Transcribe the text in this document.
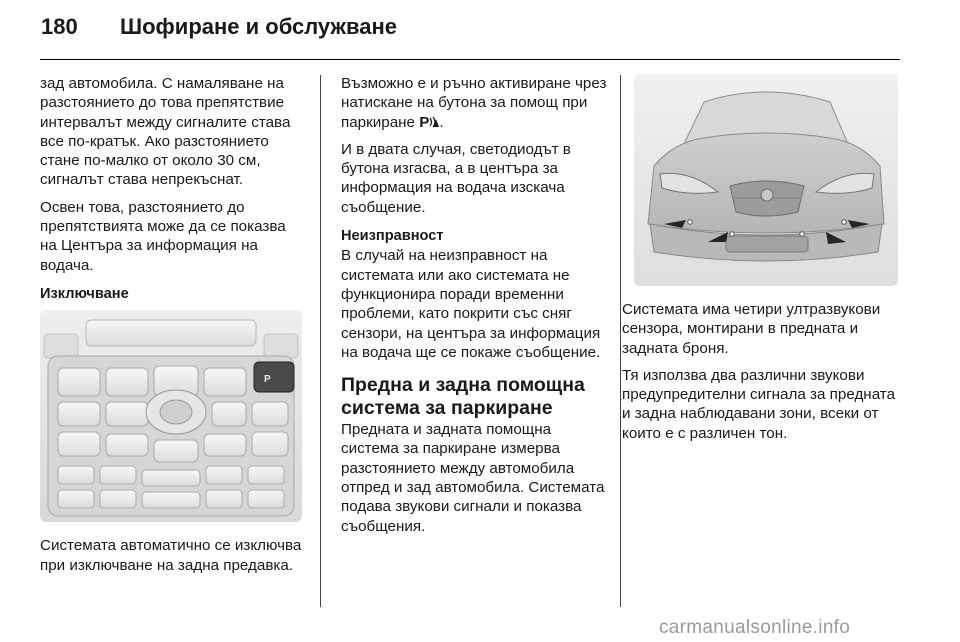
180 Шофиране и обслужване

зад автомобила. С намаляване на разстоянието до това препятствие интервалът между сигналите става все по-кратък. Ако разстоянието стане по-малко от около 30 см, сигналът става непрекъснат.

Освен това, разстоянието до препятствията може да се показва на Центъра за информация на водача.

Изключване

P

Системата автоматично се изключва при изключване на задна предавка.

Възможно е и ръчно активиране чрез натискане на бутона за помощ при паркиране P .

И в двата случая, светодиодът в бутона изгасва, а в центъра за информация на водача изскача съобщение.

Неизправност

В случай на неизправност на системата или ако системата не функционира поради временни проблеми, като покрити със сняг сензори, на центъра за информация на водача ще се покаже съобщение.

Предна и задна помощна система за паркиране

Предната и задната помощна система за паркиране измерва разстоянието между автомобила отпред и зад автомобила. Системата подава звукови сигнали и показва съобщения.

Системата има четири ултразвукови сензора, монтирани в предната и задната броня.

Тя използва два различни звукови предупредителни сигнала за предната и задна наблюдавани зони, всеки от които е с различен тон.

carmanualsonline.info
